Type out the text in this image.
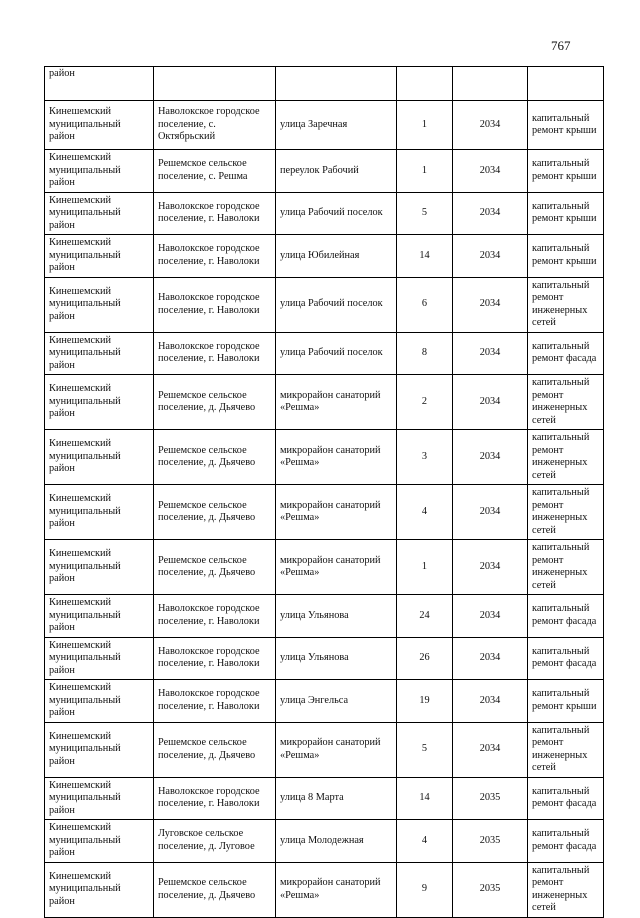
767
район					
Кинешемский муниципальный район	Наволокское городское поселение, с. Октябрьский	улица Заречная	1	2034	капитальный ремонт крыши
Кинешемский муниципальный район	Решемское сельское поселение, с. Решма	переулок Рабочий	1	2034	капитальный ремонт крыши
Кинешемский муниципальный район	Наволокское городское поселение, г. Наволоки	улица Рабочий поселок	5	2034	капитальный ремонт крыши
Кинешемский муниципальный район	Наволокское городское поселение, г. Наволоки	улица Юбилейная	14	2034	капитальный ремонт крыши
Кинешемский муниципальный район	Наволокское городское поселение, г. Наволоки	улица Рабочий поселок	6	2034	капитальный ремонт инженерных сетей
Кинешемский муниципальный район	Наволокское городское поселение, г. Наволоки	улица Рабочий поселок	8	2034	капитальный ремонт фасада
Кинешемский муниципальный район	Решемское сельское поселение, д. Дьячево	микрорайон санаторий «Решма»	2	2034	капитальный ремонт инженерных сетей
Кинешемский муниципальный район	Решемское сельское поселение, д. Дьячево	микрорайон санаторий «Решма»	3	2034	капитальный ремонт инженерных сетей
Кинешемский муниципальный район	Решемское сельское поселение, д. Дьячево	микрорайон санаторий «Решма»	4	2034	капитальный ремонт инженерных сетей
Кинешемский муниципальный район	Решемское сельское поселение, д. Дьячево	микрорайон санаторий «Решма»	1	2034	капитальный ремонт инженерных сетей
Кинешемский муниципальный район	Наволокское городское поселение, г. Наволоки	улица Ульянова	24	2034	капитальный ремонт фасада
Кинешемский муниципальный район	Наволокское городское поселение, г. Наволоки	улица Ульянова	26	2034	капитальный ремонт фасада
Кинешемский муниципальный район	Наволокское городское поселение, г. Наволоки	улица Энгельса	19	2034	капитальный ремонт крыши
Кинешемский муниципальный район	Решемское сельское поселение, д. Дьячево	микрорайон санаторий «Решма»	5	2034	капитальный ремонт инженерных сетей
Кинешемский муниципальный район	Наволокское городское поселение, г. Наволоки	улица 8 Марта	14	2035	капитальный ремонт фасада
Кинешемский муниципальный район	Луговское сельское поселение, д. Луговое	улица Молодежная	4	2035	капитальный ремонт фасада
Кинешемский муниципальный район	Решемское сельское поселение, д. Дьячево	микрорайон санаторий «Решма»	9	2035	капитальный ремонт инженерных сетей
